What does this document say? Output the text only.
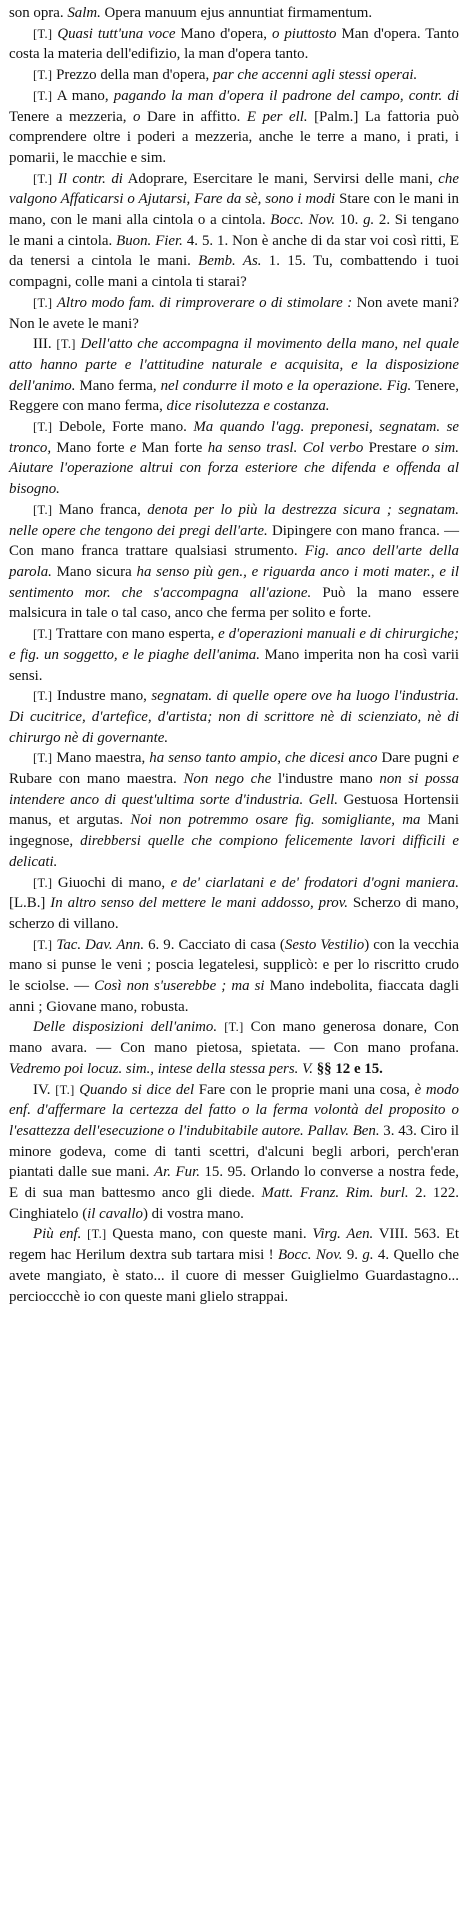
son opra. Salm. Opera manuum ejus annuntiat firmamentum.

[T.] Quasi tutt'una voce Mano d'opera, o piuttosto Man d'opera. Tanto costa la materia dell'edifizio, la man d'opera tanto.

[T.] Prezzo della man d'opera, par che accenni agli stessi operai.

[T.] A mano, pagando la man d'opera il padrone del campo, contr. di Tenere a mezzeria, o Dare in affitto. E per ell. [Palm.] La fattoria può comprendere oltre i poderi a mezzeria, anche le terre a mano, i prati, i pomarii, le macchie e sim.

[T.] Il contr. di Adoprare, Esercitare le mani, Servirsi delle mani, che valgono Affaticarsi o Ajutarsi, Fare da sè, sono i modi Stare con le mani in mano, con le mani alla cintola o a cintola. Bocc. Nov. 10. g. 2. Si tengano le mani a cintola. Buon. Fier. 4. 5. 1. Non è anche di da star voi così ritti, E da tenersi a cintola le mani. Bemb. As. 1. 15. Tu, combattendo i tuoi compagni, colle mani a cintola ti starai?

[T.] Altro modo fam. di rimproverare o di stimolare : Non avete mani? Non le avete le mani?

III. [T.] Dell'atto che accompagna il movimento della mano, nel quale atto hanno parte e l'attitudine naturale e acquisita, e la disposizione dell'animo. Mano ferma, nel condurre il moto e la operazione. Fig. Tenere, Reggere con mano ferma, dice risolutezza e costanza.

[T.] Debole, Forte mano. Ma quando l'agg. preponesi, segnatam. se tronco, Mano forte e Man forte ha senso trasl. Col verbo Prestare o sim. Aiutare l'operazione altrui con forza esteriore che difenda e offenda al bisogno.

[T.] Mano franca, denota per lo più la destrezza sicura ; segnatam. nelle opere che tengono dei pregi dell'arte. Dipingere con mano franca. — Con mano franca trattare qualsiasi strumento. Fig. anco dell'arte della parola. Mano sicura ha senso più gen., e riguarda anco i moti mater., e il sentimento mor. che s'accompagna all'azione. Può la mano essere malsicura in tale o tal caso, anco che ferma per solito e forte.

[T.] Trattare con mano esperta, e d'operazioni manuali e di chirurgiche; e fig. un soggetto, e le piaghe dell'anima. Mano imperita non ha così varii sensi.

[T.] Industre mano, segnatam. di quelle opere ove ha luogo l'industria. Di cucitrice, d'artefice, d'artista; non di scrittore nè di scienziato, nè di chirurgo nè di governante.

[T.] Mano maestra, ha senso tanto ampio, che dicesi anco Dare pugni e Rubare con mano maestra. Non nego che l'industre mano non si possa intendere anco di quest'ultima sorte d'industria. Gell. Gestuosa Hortensii manus, et argutas. Noi non potremmo osare fig. somigliante, ma Mani ingegnose, direbbersi quelle che compiono felicemente lavori difficili e delicati.

[T.] Giuochi di mano, e de' ciarlatani e de' frodatori d'ogni maniera. [L.B.] In altro senso del mettere le mani addosso, prov. Scherzo di mano, scherzo di villano.

[T.] Tac. Dav. Ann. 6. 9. Cacciato di casa (Sesto Vestilio) con la vecchia mano si punse le veni ; poscia legatelesi, supplicò: e per lo riscritto crudo le sciolse. — Così non s'userebbe ; ma si Mano indebolita, fiaccata dagli anni ; Giovane mano, robusta.

Delle disposizioni dell'animo. [T.] Con mano generosa donare, Con mano avara. — Con mano pietosa, spietata. — Con mano profana. Vedremo poi locuz. sim., intese della stessa pers. V. §§ 12 e 15.

IV. [T.] Quando si dice del Fare con le proprie mani una cosa, è modo enf. d'affermare la certezza del fatto o la ferma volontà del proposito o l'esattezza dell'esecuzione o l'indubitabile autore. Pallav. Ben. 3. 43. Ciro il minore godeva, come di tanti scettri, d'alcuni begli arbori, perch'eran piantati dalle sue mani. Ar. Fur. 15. 95. Orlando lo converse a nostra fede, E di sua man battesmo anco gli diede. Matt. Franz. Rim. burl. 2. 122. Cinghiatelo (il cavallo) di vostra mano.

Più enf. [T.] Questa mano, con queste mani. Virg. Aen. VIII. 563. Et regem hac Herilum dextra sub tartara misi ! Bocc. Nov. 9. g. 4. Quello che avete mangiato, è stato... il cuore di messer Guiglielmo Guardastagno... percioccchè io con queste mani glielo strappai.
